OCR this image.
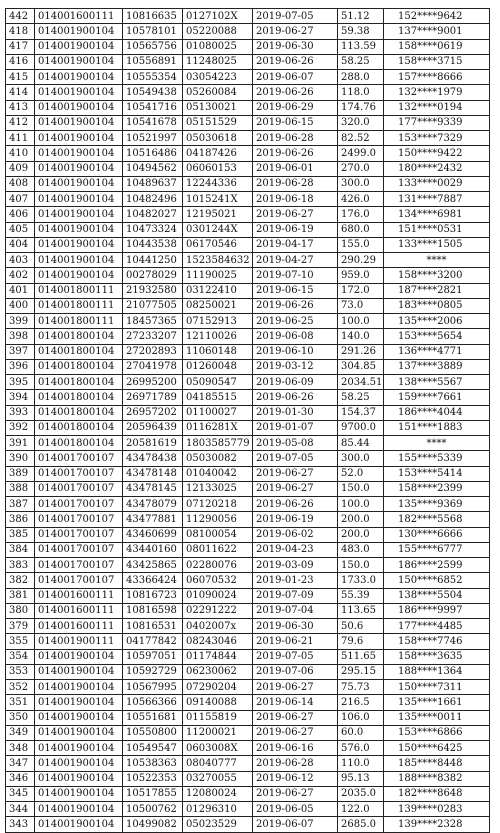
442	014001600111	10816635	0127102X	2019-07-05	51.12	152****9642
418	014001900104	10578101	05220088	2019-06-27	59.38	137****9001
417	014001900104	10565756	01080025	2019-06-30	113.59	158****0619
416	014001900104	10556891	11248025	2019-06-26	58.25	158****3715
415	014001900104	10555354	03054223	2019-06-07	288.0	157****8666
414	014001900104	10549438	05260084	2019-06-26	118.0	132****1979
413	014001900104	10541716	05130021	2019-06-29	174.76	132****0194
412	014001900104	10541678	05151529	2019-06-15	320.0	177****9339
411	014001900104	10521997	05030618	2019-06-28	82.52	153****7329
410	014001900104	10516486	04187426	2019-06-26	2499.0	150****9422
409	014001900104	10494562	06060153	2019-06-01	270.0	180****2432
408	014001900104	10489637	12244336	2019-06-28	300.0	133****0029
407	014001900104	10482496	1015241X	2019-06-18	426.0	131****7887
406	014001900104	10482027	12195021	2019-06-27	176.0	134****6981
405	014001900104	10473324	0301244X	2019-06-19	680.0	151****0531
404	014001900104	10443538	06170546	2019-04-17	155.0	133****1505
403	014001900104	10441250	1523584632	2019-04-27	290.29	****
402	014001900104	00278029	11190025	2019-07-10	959.0	158****3200
401	014001800111	21932580	03122410	2019-06-15	172.0	187****2821
400	014001800111	21077505	08250021	2019-06-26	73.0	183****0805
399	014001800111	18457365	07152913	2019-06-25	100.0	135****2006
398	014001800104	27233207	12110026	2019-06-08	140.0	153****5654
397	014001800104	27202893	11060148	2019-06-10	291.26	136****4771
396	014001800104	27041978	01260048	2019-03-12	304.85	137****3889
395	014001800104	26995200	05090547	2019-06-09	2034.51	138****5567
394	014001800104	26971789	04185515	2019-06-26	58.25	159****7661
393	014001800104	26957202	01100027	2019-01-30	154.37	186****4044
392	014001800104	20596439	0116281X	2019-01-07	9700.0	151****1883
391	014001800104	20581619	1803585779	2019-05-08	85.44	****
390	014001700107	43478438	05030082	2019-07-05	300.0	155****5339
389	014001700107	43478148	01040042	2019-06-27	52.0	153****5414
388	014001700107	43478145	12133025	2019-06-27	150.0	158****2399
387	014001700107	43478079	07120218	2019-06-26	100.0	135****9369
386	014001700107	43477881	11290056	2019-06-19	200.0	182****5568
385	014001700107	43460699	08100054	2019-06-02	200.0	130****6666
384	014001700107	43440160	08011622	2019-04-23	483.0	155****6777
383	014001700107	43425865	02280076	2019-03-09	150.0	186****2599
382	014001700107	43366424	06070532	2019-01-23	1733.0	150****6852
381	014001600111	10816723	01090024	2019-07-09	55.39	138****5504
380	014001600111	10816598	02291222	2019-07-04	113.65	186****9997
379	014001600111	10816531	0402007x	2019-06-30	50.6	177****4485
355	014001900111	04177842	08243046	2019-06-21	79.6	158****7746
354	014001900104	10597051	01174844	2019-07-05	511.65	158****3635
353	014001900104	10592729	06230062	2019-07-06	295.15	188****1364
352	014001900104	10567995	07290204	2019-06-27	75.73	150****7311
351	014001900104	10566366	09140088	2019-06-14	216.5	135****1661
350	014001900104	10551681	01155819	2019-06-27	106.0	135****0011
349	014001900104	10550800	11200021	2019-06-27	60.0	153****6866
348	014001900104	10549547	0603008X	2019-06-16	576.0	150****6425
347	014001900104	10538363	08040777	2019-06-28	110.0	185****8448
346	014001900104	10522353	03270055	2019-06-12	95.13	188****8382
345	014001900104	10517855	12080024	2019-06-27	2035.0	182****8648
344	014001900104	10500762	01296310	2019-06-05	122.0	139****0283
343	014001900104	10499082	05023529	2019-06-07	2685.0	139****2328
